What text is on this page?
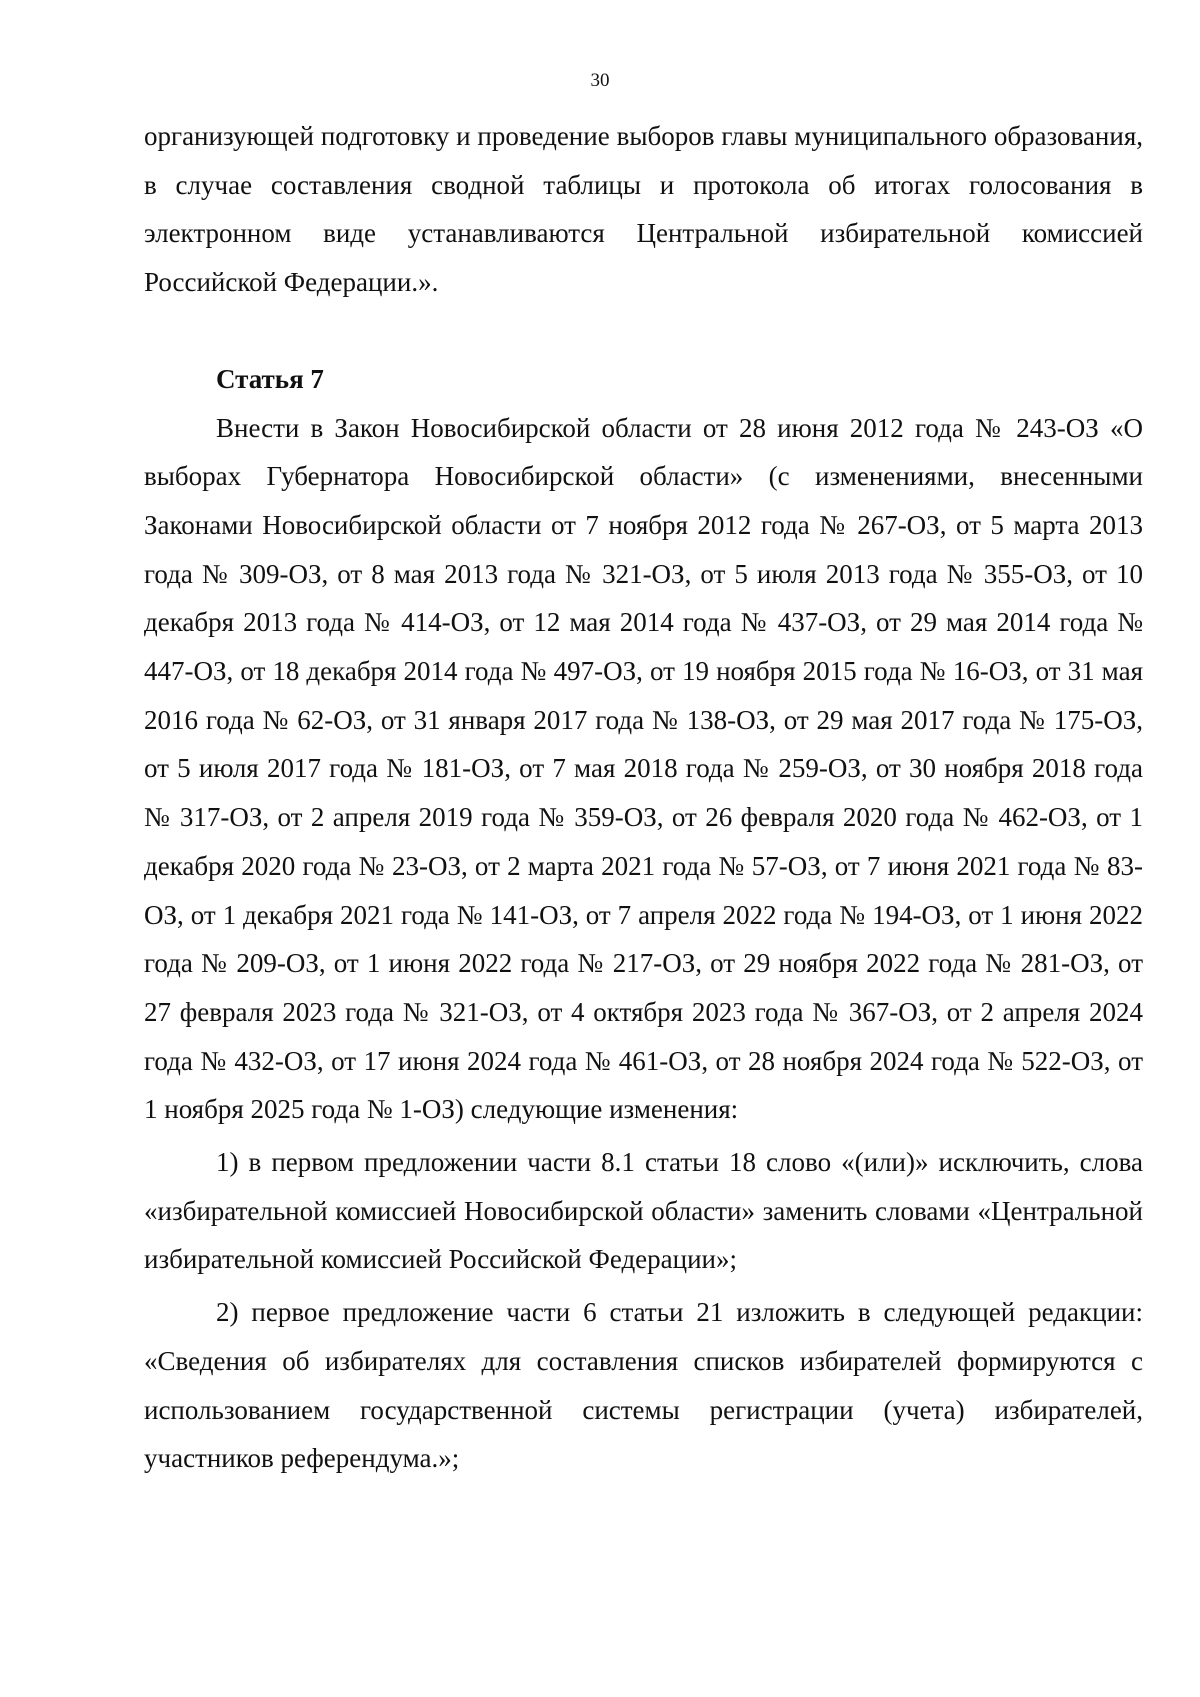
30

организующей подготовку и проведение выборов главы муниципального образования, в случае составления сводной таблицы и протокола об итогах голосования в электронном виде устанавливаются Центральной избирательной комиссией Российской Федерации.».

Статья 7

Внести в Закон Новосибирской области от 28 июня 2012 года № 243-ОЗ «О выборах Губернатора Новосибирской области» (с изменениями, внесенными Законами Новосибирской области от 7 ноября 2012 года № 267-ОЗ, от 5 марта 2013 года № 309-ОЗ, от 8 мая 2013 года № 321-ОЗ, от 5 июля 2013 года № 355-ОЗ, от 10 декабря 2013 года № 414-ОЗ, от 12 мая 2014 года № 437-ОЗ, от 29 мая 2014 года № 447-ОЗ, от 18 декабря 2014 года № 497-ОЗ, от 19 ноября 2015 года № 16-ОЗ, от 31 мая 2016 года № 62-ОЗ, от 31 января 2017 года № 138-ОЗ, от 29 мая 2017 года № 175-ОЗ, от 5 июля 2017 года № 181-ОЗ, от 7 мая 2018 года № 259-ОЗ, от 30 ноября 2018 года № 317-ОЗ, от 2 апреля 2019 года № 359-ОЗ, от 26 февраля 2020 года № 462-ОЗ, от 1 декабря 2020 года № 23-ОЗ, от 2 марта 2021 года № 57-ОЗ, от 7 июня 2021 года № 83-ОЗ, от 1 декабря 2021 года № 141-ОЗ, от 7 апреля 2022 года № 194-ОЗ, от 1 июня 2022 года № 209-ОЗ, от 1 июня 2022 года № 217-ОЗ, от 29 ноября 2022 года № 281-ОЗ, от 27 февраля 2023 года № 321-ОЗ, от 4 октября 2023 года № 367-ОЗ, от 2 апреля 2024 года № 432-ОЗ, от 17 июня 2024 года № 461-ОЗ, от 28 ноября 2024 года № 522-ОЗ, от 1 ноября 2025 года № 1-ОЗ) следующие изменения:

1) в первом предложении части 8.1 статьи 18 слово «(или)» исключить, слова «избирательной комиссией Новосибирской области» заменить словами «Центральной избирательной комиссией Российской Федерации»;

2) первое предложение части 6 статьи 21 изложить в следующей редакции: «Сведения об избирателях для составления списков избирателей формируются с использованием государственной системы регистрации (учета) избирателей, участников референдума.»;
